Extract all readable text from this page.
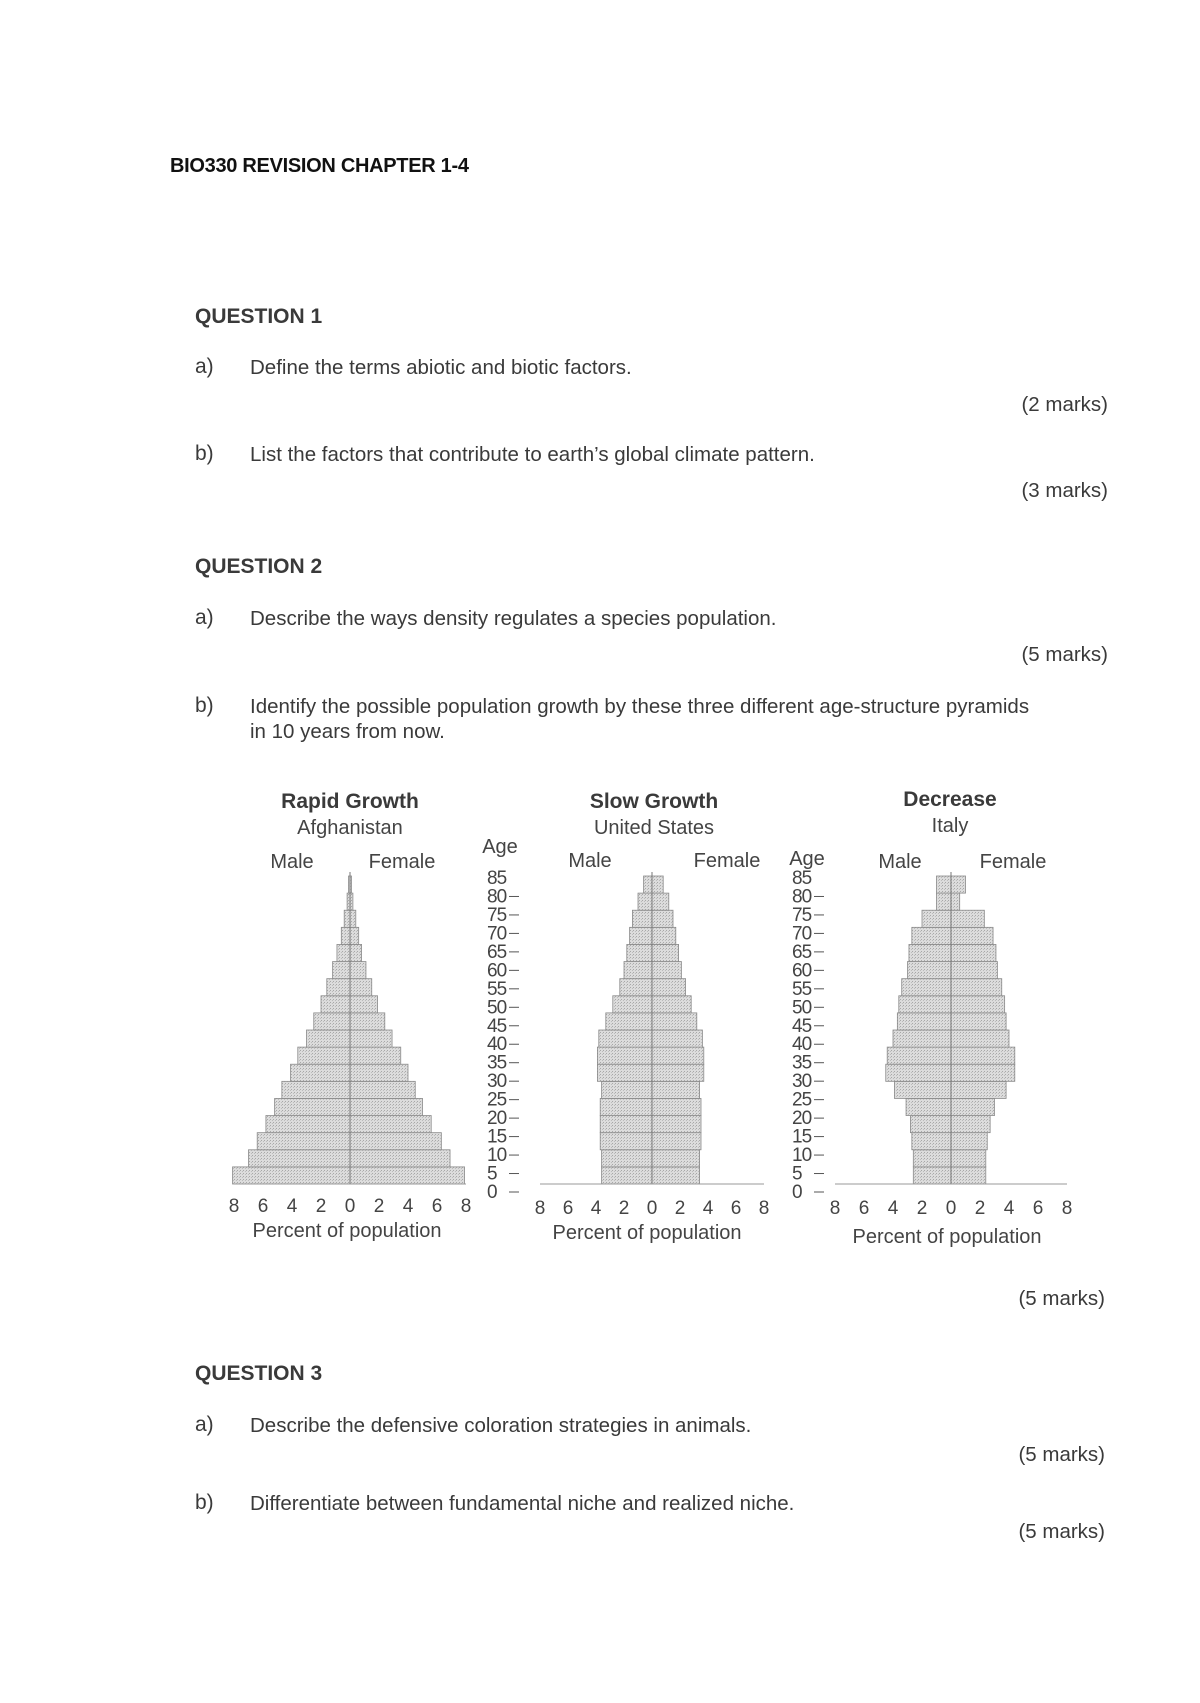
BIO330 REVISION CHAPTER 1-4
QUESTION 1
a) Define the terms abiotic and biotic factors.
(2 marks)
b) List the factors that contribute to earth’s global climate pattern.
(3 marks)
QUESTION 2
a) Describe the ways density regulates a species population.
(5 marks)
b) Identify the possible population growth by these three different age-structure pyramids
in 10 years from now.
Rapid Growth
Afghanistan
Male	Female
8 6 4 2 0 2 4 6 8
Percent of population
Age
85
80
75
70
65
60
55
50
45
40
35
30
25
20
15
10
5
0
Slow Growth
United States
Male	Female
8 6 4 2 0 2 4 6 8
Percent of population
Age
85
80
75
70
65
60
55
50
45
40
35
30
25
20
15
10
5
0
Decrease
Italy
Male	Female
8 6 4 2 0 2 4 6 8
Percent of population
(5 marks)
QUESTION 3
a) Describe the defensive coloration strategies in animals.
(5 marks)
b) Differentiate between fundamental niche and realized niche.
(5 marks)
